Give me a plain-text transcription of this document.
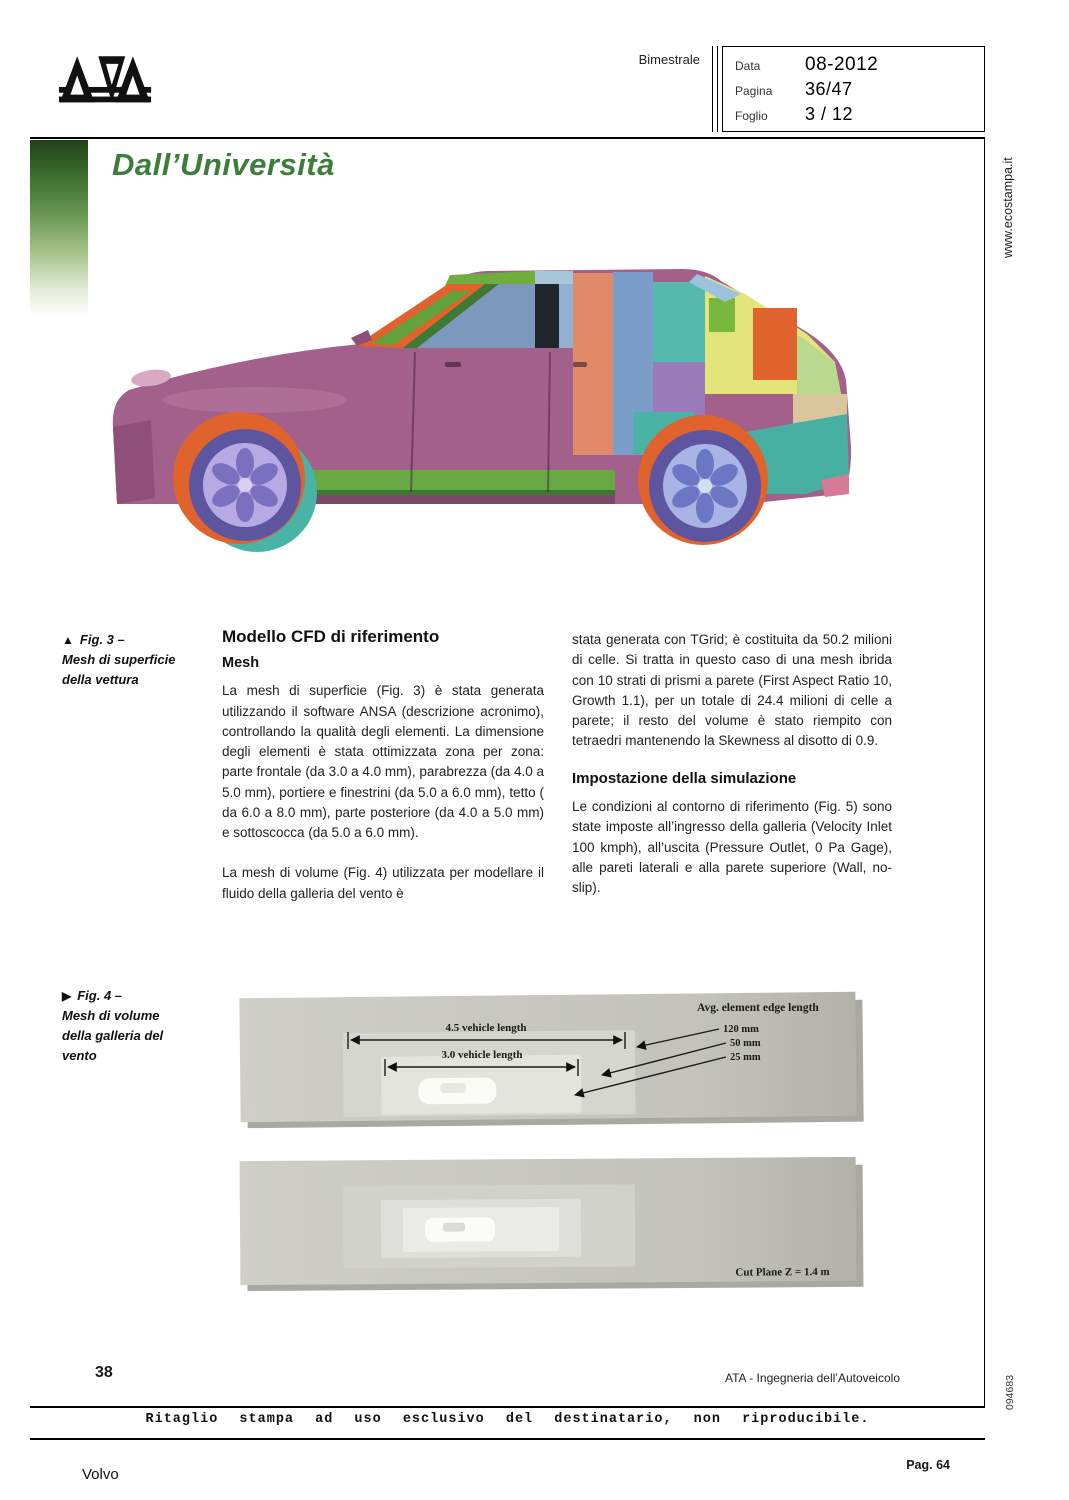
Bimestrale	Data	08-2012
Pagina	36/47
Foglio	3 / 12
www.ecostampa.it
094683
Dall’Università
▲ Fig. 3 –
Mesh di superficie
della vettura
Modello CFD di riferimento
Mesh

La mesh di superficie (Fig. 3) è stata generata utilizzando il software ANSA (descrizione acronimo), controllando la qualità degli elementi. La dimensione degli elementi è stata ottimizzata zona per zona: parte frontale (da 3.0 a 4.0 mm), parabrezza (da 4.0 a 5.0 mm), portiere e finestrini (da 5.0 a 6.0 mm), tetto ( da 6.0 a 8.0 mm), parte posteriore (da 4.0 a 5.0 mm) e sottoscocca (da 5.0 a 6.0 mm).

La mesh di volume (Fig. 4) utilizzata per modellare il fluido della galleria del vento è

stata generata con TGrid; è costituita da 50.2 milioni di celle. Si tratta in questo caso di una mesh ibrida con 10 strati di prismi a parete (First Aspect Ratio 10, Growth 1.1), per un totale di 24.4 milioni di celle a parete; il resto del volume è stato riempito con tetraedri mantenendo la Skewness al disotto di 0.9.

Impostazione della simulazione

Le condizioni al contorno di riferimento (Fig. 5) sono state imposte all’ingresso della galleria (Velocity Inlet 100 kmph), all’uscita (Pressure Outlet, 0 Pa Gage), alle pareti laterali e alla parete superiore (Wall, no-slip).

▶ Fig. 4 –
Mesh di volume
della galleria del
vento
4.5 vehicle length
3.0 vehicle length
Avg. element edge length
120 mm
50 mm
25 mm
Cut Plane Z = 1.4 m
38	ATA - Ingegneria dell’Autoveicolo
Ritaglio stampa ad uso esclusivo del destinatario, non riproducibile.
Volvo
Pag. 64
